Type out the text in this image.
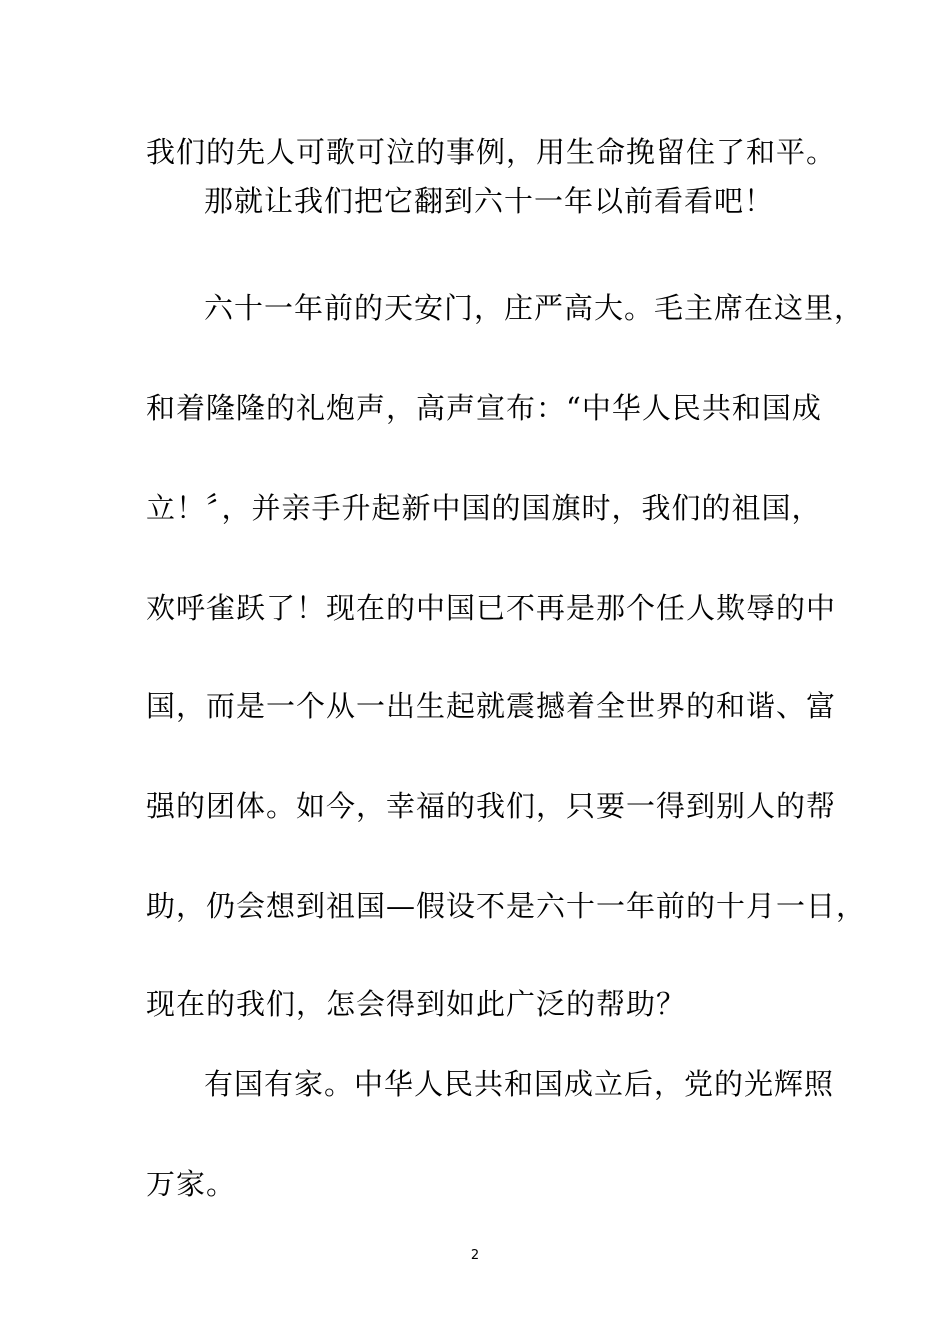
我们的先人可歌可泣的事例，用生命挽留住了和平。
那就让我们把它翻到六十一年以前看看吧！
六十一年前的天安门，庄严高大。毛主席在这里，
和着隆隆的礼炮声，高声宣布：“中华人民共和国成
立！〞，并亲手升起新中国的国旗时，我们的祖国，
欢呼雀跃了！现在的中国已不再是那个任人欺辱的中
国，而是一个从一出生起就震撼着全世界的和谐、富
强的团体。如今，幸福的我们，只要一得到别人的帮
助，仍会想到祖国—假设不是六十一年前的十月一日，
现在的我们，怎会得到如此广泛的帮助？
有国有家。中华人民共和国成立后，党的光辉照
万家。
2
